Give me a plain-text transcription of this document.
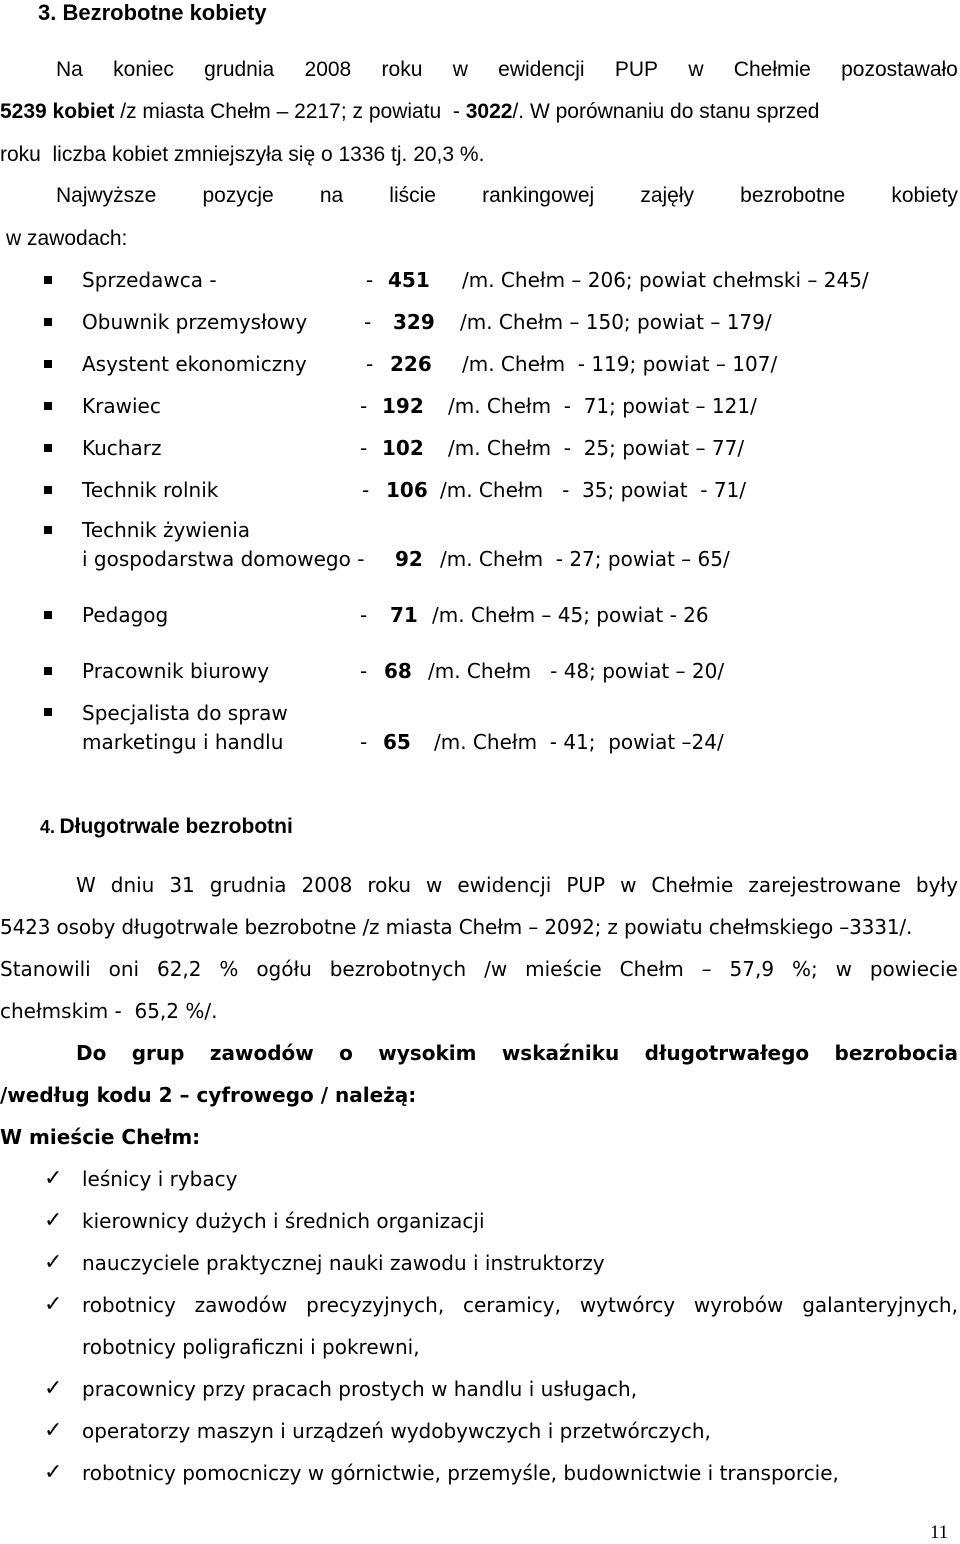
3. Bezrobotne kobiety
Na koniec grudnia 2008 roku w ewidencji PUP w Chełmie pozostawało
5239 kobiet /z miasta Chełm – 2217; z powiatu  - 3022/. W porównaniu do stanu sprzed
roku  liczba kobiet zmniejszyła się o 1336 tj. 20,3 %.
Najwyższe pozycje na liście rankingowej zajęły bezrobotne kobiety
w zawodach:
Sprzedawca -	- 451 /m. Chełm – 206; powiat chełmski – 245/
Obuwnik przemysłowy	- 329 /m. Chełm – 150; powiat – 179/
Asystent ekonomiczny	- 226 /m. Chełm  - 119; powiat – 107/
Krawiec	- 192 /m. Chełm  -  71; powiat – 121/
Kucharz	- 102 /m. Chełm  -  25; powiat – 77/
Technik rolnik	- 106 /m. Chełm   -  35; powiat  - 71/
Technik żywienia
i gospodarstwa domowego - 92 /m. Chełm  - 27; powiat – 65/
Pedagog	- 71 /m. Chełm – 45; powiat - 26
Pracownik biurowy	- 68 /m. Chełm   - 48; powiat – 20/
Specjalista do spraw
marketingu i handlu	- 65 /m. Chełm  - 41;  powiat –24/
4. Długotrwale bezrobotni
W dniu 31 grudnia 2008 roku w ewidencji PUP w Chełmie zarejestrowane były
5423 osoby długotrwale bezrobotne /z miasta Chełm – 2092; z powiatu chełmskiego –3331/.
Stanowili oni 62,2 % ogółu bezrobotnych /w mieście Chełm – 57,9 %; w powiecie
chełmskim -  65,2 %/.
Do grup zawodów o wysokim wskaźniku długotrwałego bezrobocia
/według kodu 2 – cyfrowego / należą:
W mieście Chełm:
✓ leśnicy i rybacy
✓ kierownicy dużych i średnich organizacji
✓ nauczyciele praktycznej nauki zawodu i instruktorzy
✓ robotnicy zawodów precyzyjnych, ceramicy, wytwórcy wyrobów galanteryjnych,
robotnicy poligraficzni i pokrewni,
✓ pracownicy przy pracach prostych w handlu i usługach,
✓ operatorzy maszyn i urządzeń wydobywczych i przetwórczych,
✓ robotnicy pomocniczy w górnictwie, przemyśle, budownictwie i transporcie,
11
